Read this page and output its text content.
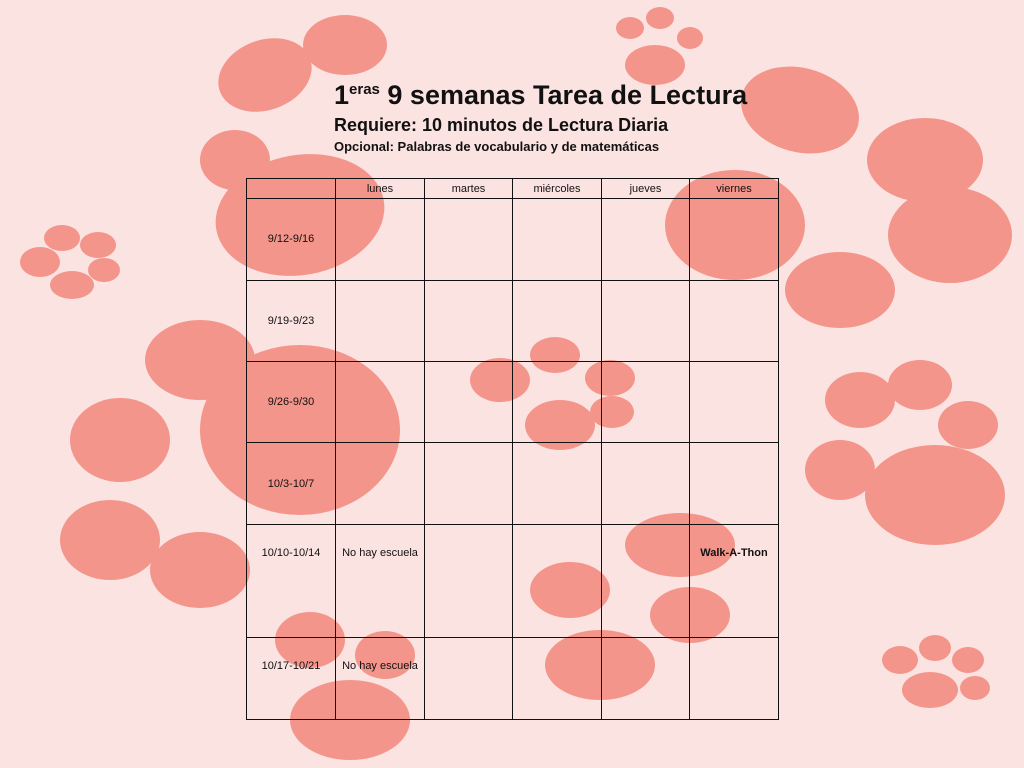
$1^{eras}$ 9 semanas Tarea de Lectura
Requiere: 10 minutos de Lectura Diaria
Opcional: Palabras de vocabulario y de matemáticas
	lunes	martes	miércoles	jueves	viernes
9/12-9/16					
9/19-9/23					
9/26-9/30					
10/3-10/7					
10/10-10/14	No hay escuela				Walk-A-Thon
10/17-10/21	No hay escuela				
